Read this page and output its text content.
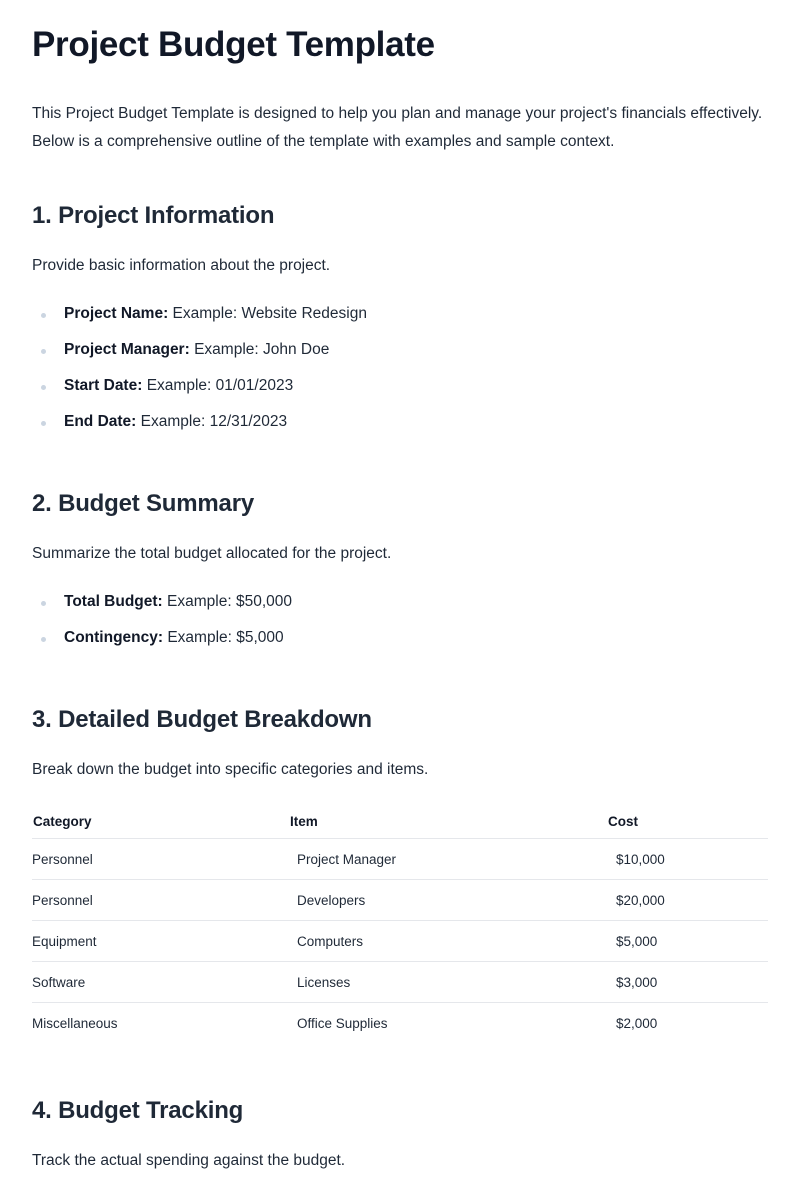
Project Budget Template

This Project Budget Template is designed to help you plan and manage your project's financials effectively. Below is a comprehensive outline of the template with examples and sample context.

1. Project Information

Provide basic information about the project.

Project Name: Example: Website Redesign
Project Manager: Example: John Doe
Start Date: Example: 01/01/2023
End Date: Example: 12/31/2023
2. Budget Summary

Summarize the total budget allocated for the project.

Total Budget: Example: $50,000
Contingency: Example: $5,000
3. Detailed Budget Breakdown

Break down the budget into specific categories and items.

Category	Item	Cost
Personnel	Project Manager	$10,000
Personnel	Developers	$20,000
Equipment	Computers	$5,000
Software	Licenses	$3,000
Miscellaneous	Office Supplies	$2,000
4. Budget Tracking

Track the actual spending against the budget.
